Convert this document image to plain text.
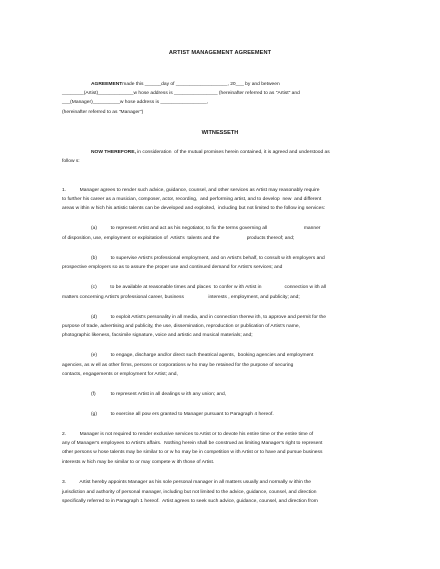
ARTIST MANAGEMENT AGREEMENT
AGREEMENTmade this ______day of ___________________, 20___ by and between
________(Artist)_____________w hose address is ________________ (hereinafter referred to as "Artist" and
___(Manager)__________w hose address is _________________,
(hereinafter referred to as "Manager")
WITNESSETH
NOW THEREFORE, in consideration  of the mutual promises herein contained, it is agreed and understood as
follow s:
1.          Manager agrees to render such advice, guidance, counsel, and other services as Artist may reasonably require
to further his career as a musician, composer, actor, recording,  and performing artist, and to develop  new  and different
areas w ithin w hich his artistic talents can be developed and exploited,  including but not limited to the follow ing services:
(a)          to represent Artist and act as his negotiator, to fix the terms governing all                           manner
of disposition, use, employment or exploitation of  Artist's  talents and the                    products thereof; and;
(b)          to supervise Artist's professional employment, and on Artist's behalf, to consult w ith employers and
prospective employers so as to assure the proper use and continued demand for Artist's services; and
(c)          to be available at reasonable times and places  to confer w ith Artist in                 connection w ith all
matters concerning Artist's professional career, business                  interests , employment, and publicity; and;
(d)          to exploit Artist's personality in all media, and in connection therew ith, to approve and permit for the
purpose of trade, advertising and publicity, the use, dissemination, reproduction or publication of Artist's name,
photographic likeness, facsimile signature, voice and artistic and musical materials; and;
(e)          to engage, discharge and/or direct such theatrical agents,  booking agencies and employment
agencies, as w ell as other firms, persons or corporations w ho may be retained for the purpose of securing
contacts, engagements or employment for Artist; and,
(f)           to represent Artist in all dealings w ith any union; and,
(g)          to exercise all pow ers granted to Manager pursuant to Paragraph 4 hereof.
2.          Manager is not required to render exclusive services to Artist or to devote his entire time or the entire time of
any of Manager's employees to Artist's affairs.  Nothing herein shall be construed as limiting Manager's right to represent
other persons w hose talents may be similar to or w ho may be in competition w ith Artist or to have and pursue business
interests w hich may be similar to or may compete w ith those of Artist.
3.          Artist hereby appoints Manager as his sole personal manager in all matters usually and normally w ithin the
jurisdiction and authority of personal manager, including but not limited to the advice, guidance, counsel, and direction
specifically referred to in Paragraph 1 hereof.  Artist agrees to seek such advice, guidance, counsel, and direction from
